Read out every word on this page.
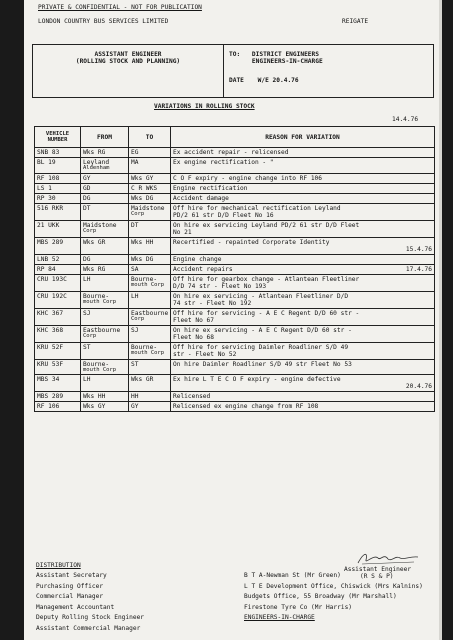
PRIVATE & CONFIDENTIAL - NOT FOR PUBLICATION
LONDON COUNTRY BUS SERVICES LIMITED	REIGATE
ASSISTANT ENGINEER
(ROLLING STOCK AND PLANNING)
TO: DISTRICT ENGINEERS
ENGINEERS-IN-CHARGE
DATE W/E 20.4.76
VARIATIONS IN ROLLING STOCK
14.4.76
VEHICLE NUMBER	FROM	TO	REASON FOR VARIATION

SNB 83	Wks RG	EG	Ex accident repair - relicensed

BL 19	Leyland
Aldenham	MA	Ex engine rectification - "

RF 108	GY	Wks GY	C O F expiry - engine change into RF 106

LS 1	GD	C R WKS	Engine rectification

RP 30	DG	Wks DG	Accident damage

516 RKR	DT	Maidstone
Corp	Off hire for mechanical rectification Leyland
PD/2 61 str D/D Fleet No 16

21 UKK	Maidstone
Corp	DT	On hire ex servicing Leyland PD/2 61 str D/D Fleet
No 21

MBS 289	Wks GR	Wks HH	Recertified - repainted Corporate Identity
15.4.76

LNB 52	DG	Wks DG	Engine change

RP 84	Wks RG	SA	Accident repairs 17.4.76

CRU 193C	LH	Bourne-
mouth Corp	Off hire for gearbox change - Atlantean Fleetliner
D/D 74 str - Fleet No 193

CRU 192C	Bourne-
mouth Corp	LH	On hire ex servicing - Atlantean Fleetliner D/D
74 str - Fleet No 192

KHC 367	SJ	Eastbourne
Corp	Off hire for servicing - A E C Regent D/D 60 str -
Fleet No 67

KHC 368	Eastbourne
Corp	SJ	On hire ex servicing - A E C Regent D/D 60 str -
Fleet No 68

KRU 52F	ST	Bourne-
mouth Corp	Off hire for servicing Daimler Roadliner S/D 49
str - Fleet No 52

KRU 53F	Bourne-
mouth Corp	ST	On hire Daimler Roadliner S/D 49 str Fleet No 53

MBS 34	LH	Wks GR	Ex hire L T E C O F expiry - engine defective
20.4.76

MBS 289	Wks HH	HH	Relicensed

RF 106	Wks GY	GY	Relicensed ex engine change from RF 108
DISTRIBUTION
Assistant Engineer
(R S & P)
Assistant Secretary	B T A-Newman St (Mr Green)
Purchasing Officer	L T E Development Office, Chiswick (Mrs Kalnins)
Commercial Manager	Budgets Office, 55 Broadway (Mr Marshall)
Management Accountant	Firestone Tyre Co (Mr Harris)
Deputy Rolling Stock Engineer	ENGINEERS-IN-CHARGE
Assistant Commercial Manager
